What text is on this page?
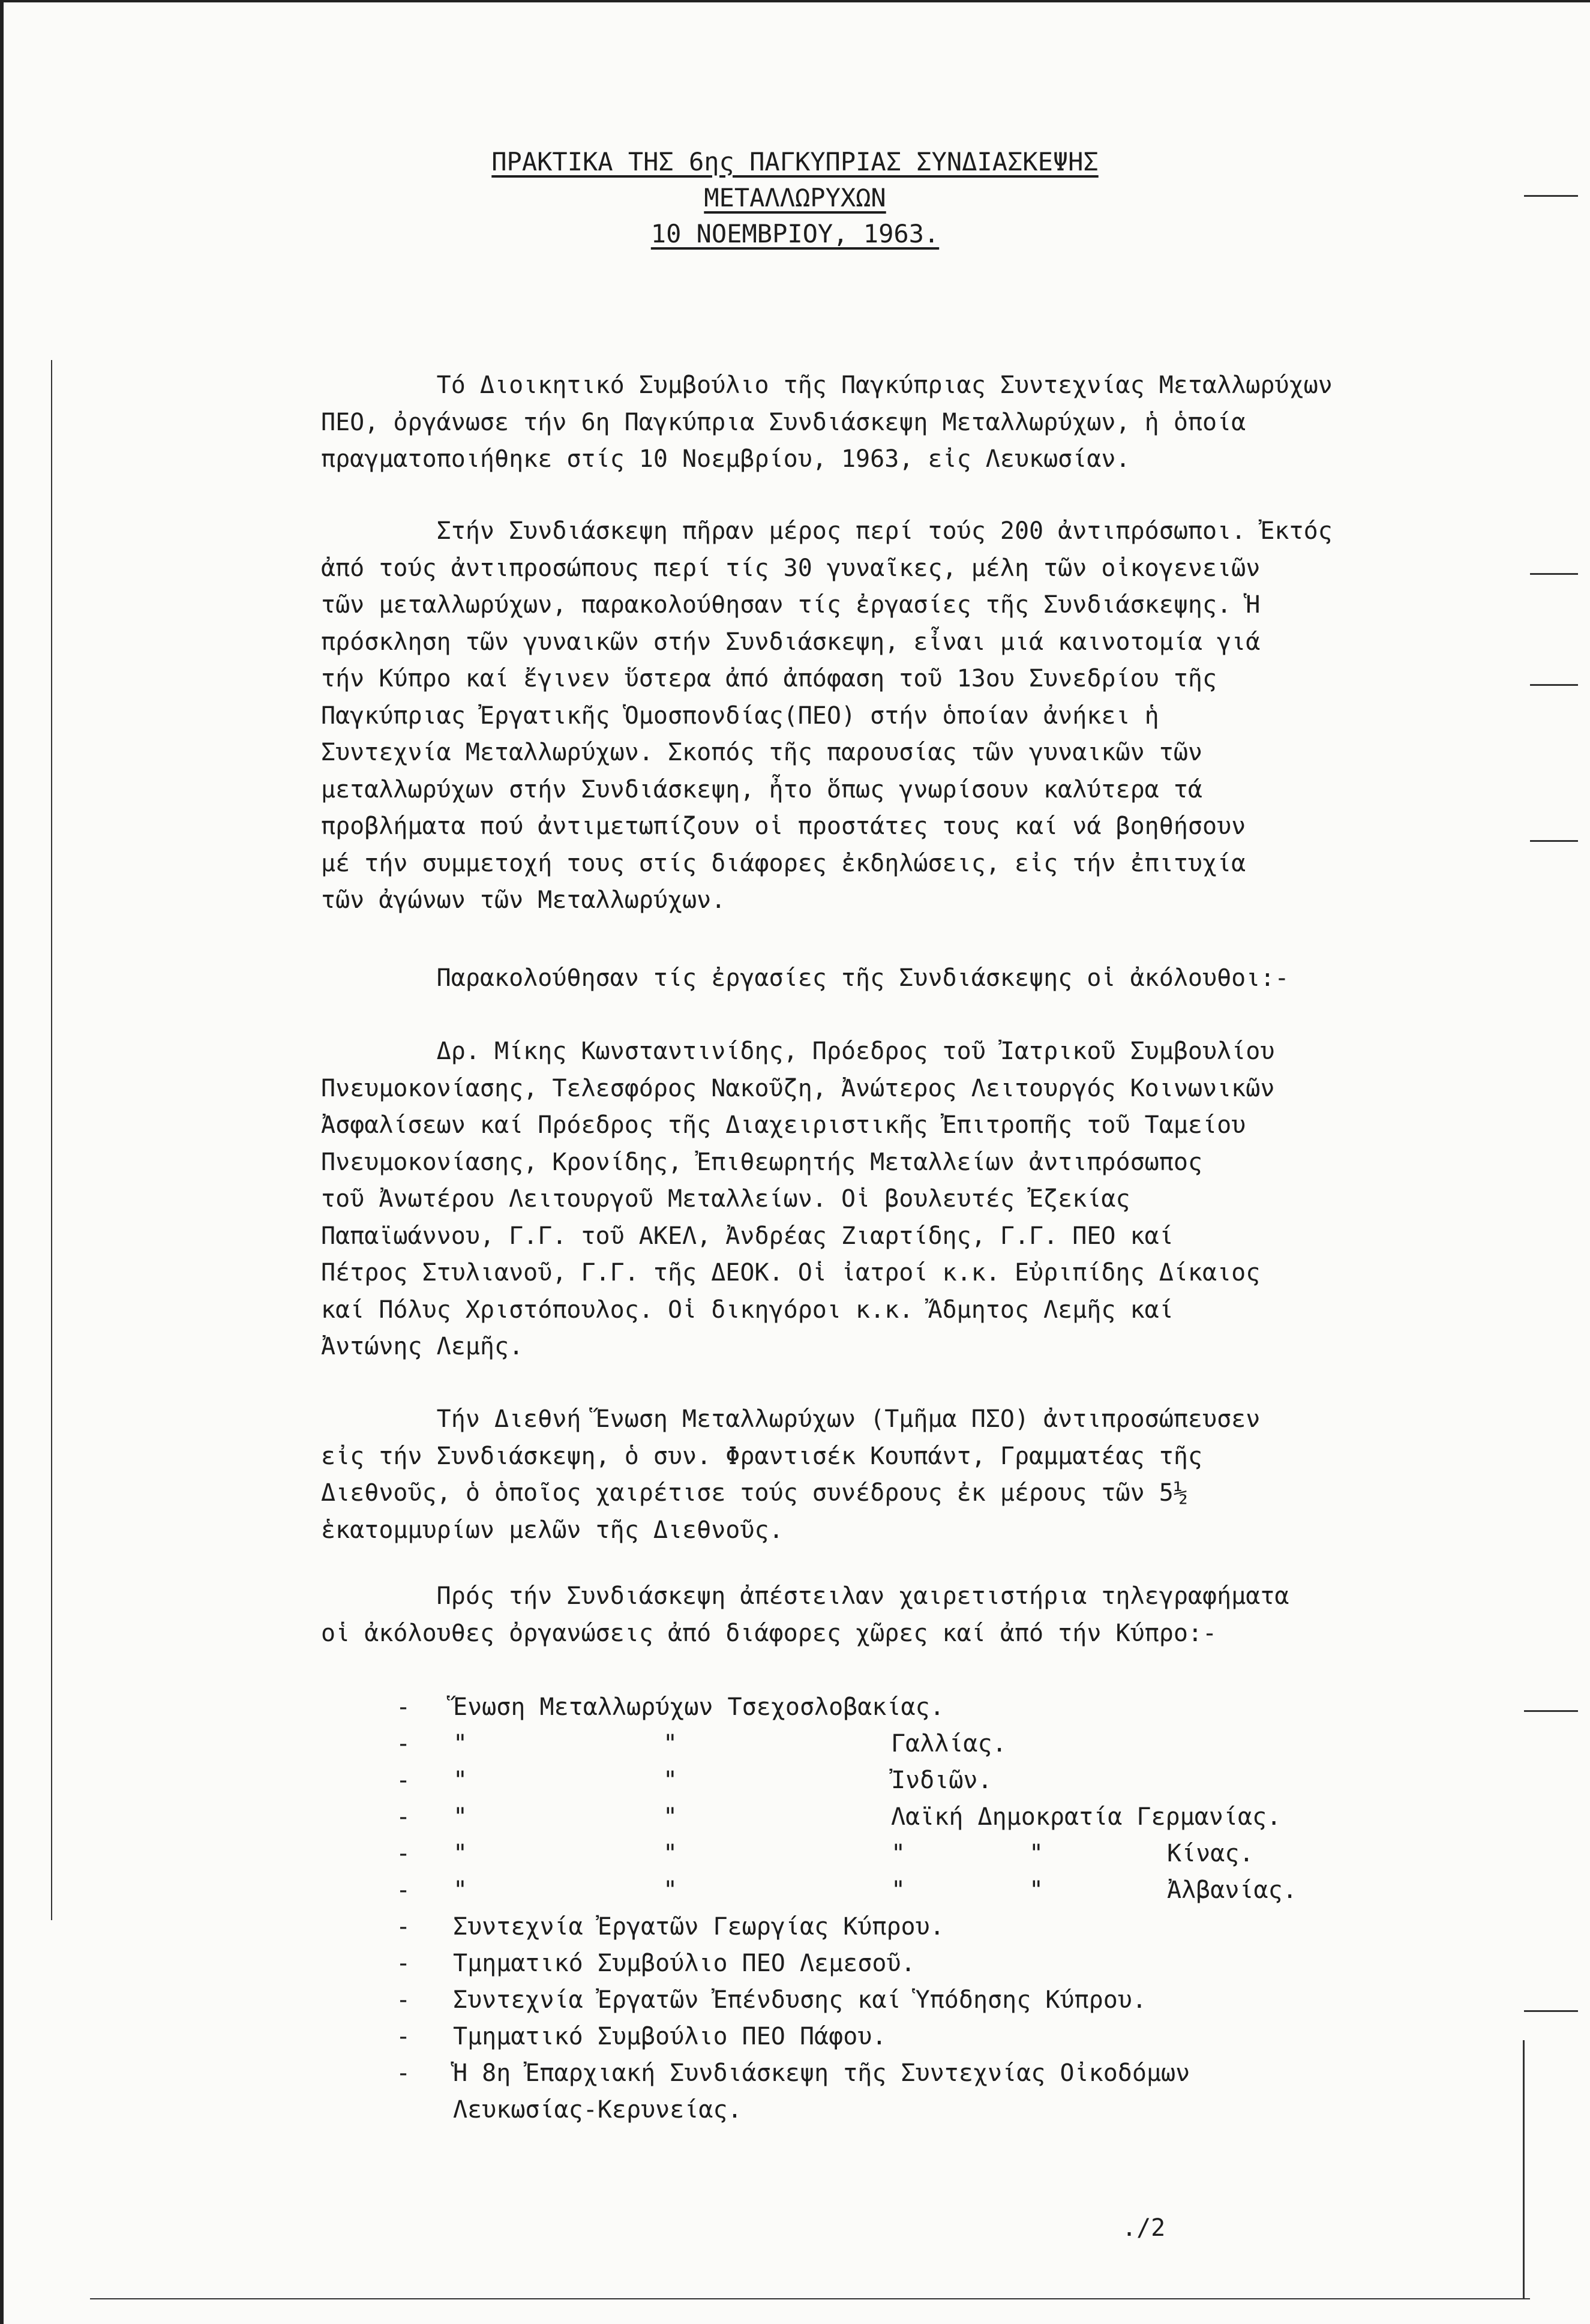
ΠΡΑΚΤΙΚΑ ΤΗΣ 6ης ΠΑΓΚΥΠΡΙΑΣ ΣΥΝΔΙΑΣΚΕΨΗΣ
ΜΕΤΑΛΛΩΡΥΧΩΝ
10 ΝΟΕΜΒΡΙΟΥ, 1963.
Τό Διοικητικό Συμβούλιο τῆς Παγκύπριας Συντεχνίας Μεταλλωρύχων
ΠΕΟ, ὀργάνωσε τήν 6η Παγκύπρια Συνδιάσκεψη Μεταλλωρύχων, ἡ ὁποία
πραγματοποιήθηκε στίς 10 Νοεμβρίου, 1963, εἰς Λευκωσίαν.
Στήν Συνδιάσκεψη πῆραν μέρος περί τούς 200 ἀντιπρόσωποι. Ἐκτός
ἀπό τούς ἀντιπροσώπους περί τίς 30 γυναῖκες, μέλη τῶν οἰκογενειῶν
τῶν μεταλλωρύχων, παρακολούθησαν τίς ἐργασίες τῆς Συνδιάσκεψης. Ἡ
πρόσκληση τῶν γυναικῶν στήν Συνδιάσκεψη, εἶναι μιά καινοτομία γιά
τήν Κύπρο καί ἔγινεν ὕστερα ἀπό ἀπόφαση τοῦ 13ου Συνεδρίου τῆς
Παγκύπριας Ἐργατικῆς Ὁμοσπονδίας(ΠΕΟ) στήν ὁποίαν ἀνήκει ἡ
Συντεχνία Μεταλλωρύχων. Σκοπός τῆς παρουσίας τῶν γυναικῶν τῶν
μεταλλωρύχων στήν Συνδιάσκεψη, ἦτο ὅπως γνωρίσουν καλύτερα τά
προβλήματα πού ἀντιμετωπίζουν οἱ προστάτες τους καί νά βοηθήσουν
μέ τήν συμμετοχή τους στίς διάφορες ἐκδηλώσεις, εἰς τήν ἐπιτυχία
τῶν ἀγώνων τῶν Μεταλλωρύχων.
Παρακολούθησαν τίς ἐργασίες τῆς Συνδιάσκεψης οἱ ἀκόλουθοι:-
Δρ. Μίκης Κωνσταντινίδης, Πρόεδρος τοῦ Ἰατρικοῦ Συμβουλίου
Πνευμοκονίασης, Τελεσφόρος Νακοῦζη, Ἀνώτερος Λειτουργός Κοινωνικῶν
Ἀσφαλίσεων καί Πρόεδρος τῆς Διαχειριστικῆς Ἐπιτροπῆς τοῦ Ταμείου
Πνευμοκονίασης, Κρονίδης, Ἐπιθεωρητής Μεταλλείων ἀντιπρόσωπος
τοῦ Ἀνωτέρου Λειτουργοῦ Μεταλλείων. Οἱ βουλευτές Ἐζεκίας
Παπαϊωάννου, Γ.Γ. τοῦ ΑΚΕΛ, Ἀνδρέας Ζιαρτίδης, Γ.Γ. ΠΕΟ καί
Πέτρος Στυλιανοῦ, Γ.Γ. τῆς ΔΕΟΚ. Οἱ ἰατροί κ.κ. Εὐριπίδης Δίκαιος
καί Πόλυς Χριστόπουλος. Οἱ δικηγόροι κ.κ. Ἄδμητος Λεμῆς καί
Ἀντώνης Λεμῆς.
Τήν Διεθνή Ἕνωση Μεταλλωρύχων (Τμῆμα ΠΣΟ) ἀντιπροσώπευσεν
εἰς τήν Συνδιάσκεψη, ὁ συν. Φραντισέκ Κουπάντ, Γραμματέας τῆς
Διεθνοῦς, ὁ ὁποῖος χαιρέτισε τούς συνέδρους ἐκ μέρους τῶν 5½
ἑκατομμυρίων μελῶν τῆς Διεθνοῦς.
Πρός τήν Συνδιάσκεψη ἀπέστειλαν χαιρετιστήρια τηλεγραφήματα
οἱ ἀκόλουθες ὀργανώσεις ἀπό διάφορες χῶρες καί ἀπό τήν Κύπρο:-
-	Ἕνωση Μεταλλωρύχων Τσεχοσλοβακίας.
-	"	"	Γαλλίας.
-	"	"	Ἰνδιῶν.
-	"	"	Λαϊκή Δημοκρατία Γερμανίας.
-	"	"	"	"	Κίνας.
-	"	"	"	"	Ἀλβανίας.
-	Συντεχνία Ἐργατῶν Γεωργίας Κύπρου.
-	Τμηματικό Συμβούλιο ΠΕΟ Λεμεσοῦ.
-	Συντεχνία Ἐργατῶν Ἐπένδυσης καί Ὑπόδησης Κύπρου.
-	Τμηματικό Συμβούλιο ΠΕΟ Πάφου.
-	Ἡ 8η Ἐπαρχιακή Συνδιάσκεψη τῆς Συντεχνίας Οἰκοδόμων
Λευκωσίας-Κερυνείας.
./2
